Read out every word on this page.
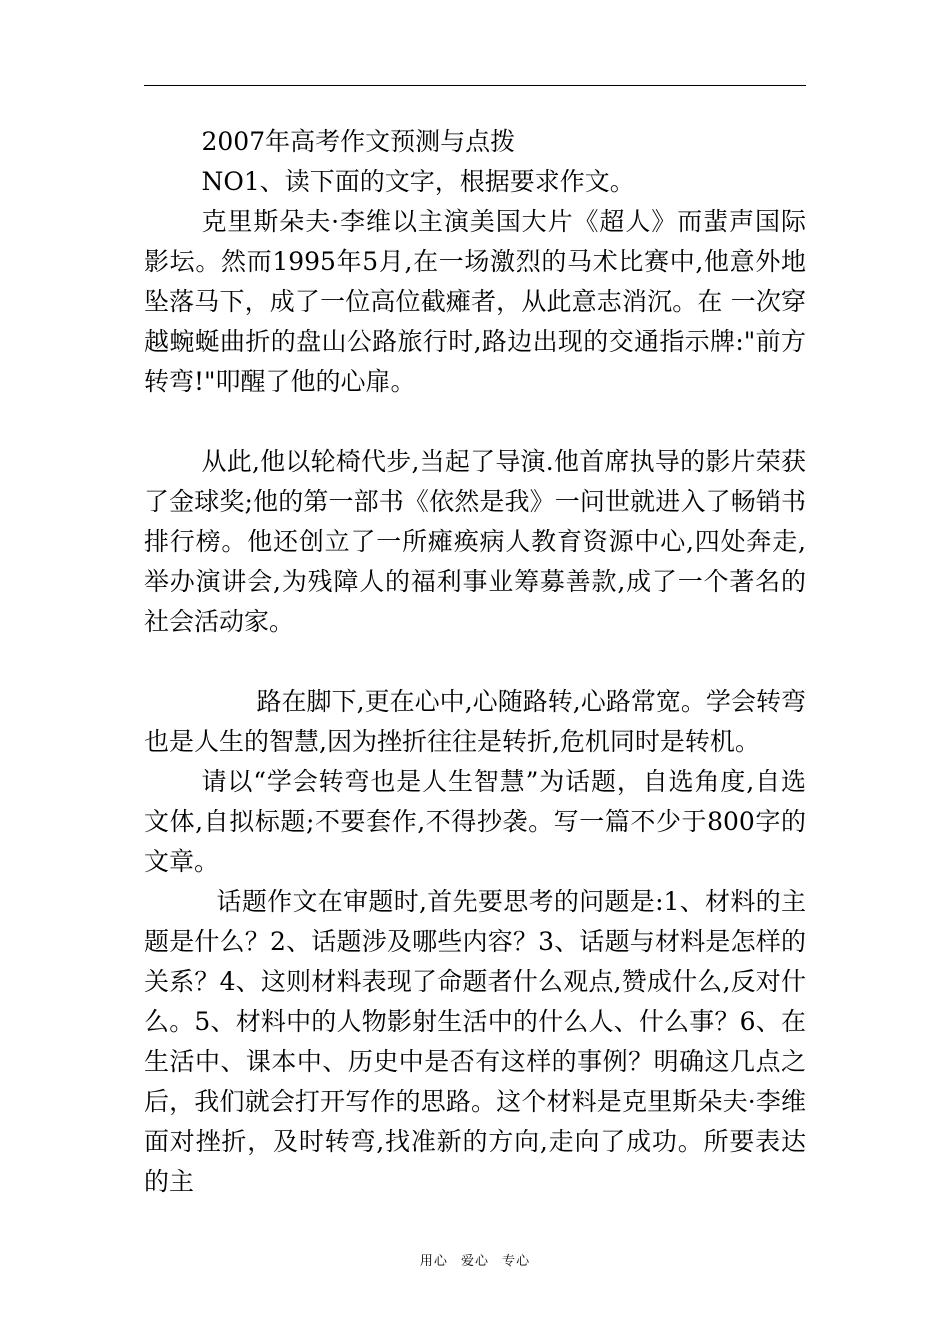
2007年高考作文预测与点拨

NO1、读下面的文字，根据要求作文。

克里斯朵夫·李维以主演美国大片《超人》而蜚声国际影坛。然而1995年5月,在一场激烈的马术比赛中,他意外地坠落马下，成了一位高位截瘫者，从此意志消沉。在 一次穿越蜿蜒曲折的盘山公路旅行时,路边出现的交通指示牌:"前方转弯!"叩醒了他的心扉。

从此,他以轮椅代步,当起了导演.他首席执导的影片荣获了金球奖;他的第一部书《依然是我》一问世就进入了畅销书排行榜。他还创立了一所瘫痪病人教育资源中心,四处奔走,举办演讲会,为残障人的福利事业筹募善款,成了一个著名的社会活动家。

路在脚下,更在心中,心随路转,心路常宽。学会转弯也是人生的智慧,因为挫折往往是转折,危机同时是转机。

请以“学会转弯也是人生智慧”为话题，自选角度,自选文体,自拟标题;不要套作,不得抄袭。写一篇不少于800字的文章。

话题作文在审题时,首先要思考的问题是:1、材料的主题是什么？2、话题涉及哪些内容？3、话题与材料是怎样的关系？4、这则材料表现了命题者什么观点,赞成什么,反对什么。5、材料中的人物影射生活中的什么人、什么事？6、在生活中、课本中、历史中是否有这样的事例？明确这几点之后，我们就会打开写作的思路。这个材料是克里斯朵夫·李维面对挫折，及时转弯,找准新的方向,走向了成功。所要表达的主

用心 爱心 专心
